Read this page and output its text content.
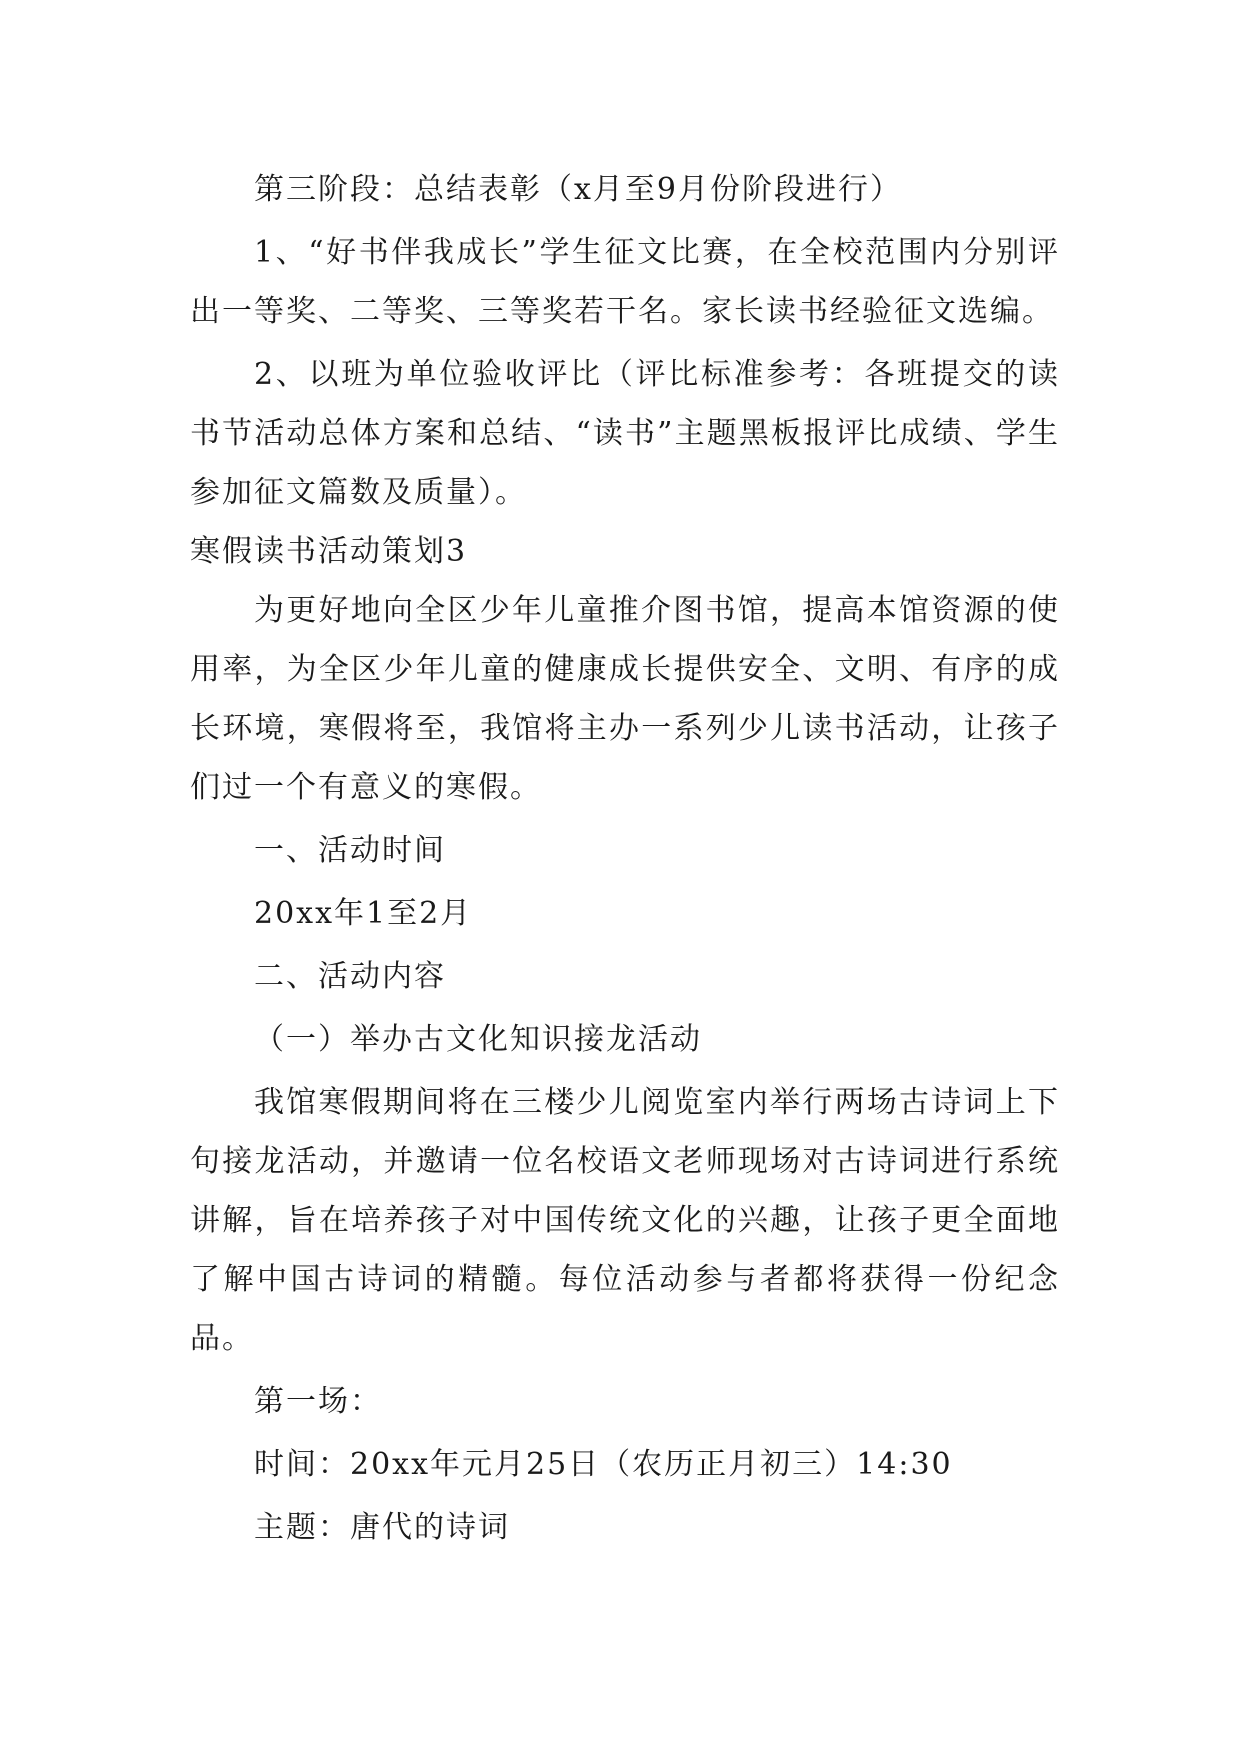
第三阶段：总结表彰（x月至9月份阶段进行）

1、“好书伴我成长”学生征文比赛，在全校范围内分别评出一等奖、二等奖、三等奖若干名。家长读书经验征文选编。

2、以班为单位验收评比（评比标准参考：各班提交的读书节活动总体方案和总结、“读书”主题黑板报评比成绩、学生参加征文篇数及质量）。

寒假读书活动策划3

为更好地向全区少年儿童推介图书馆，提高本馆资源的使用率，为全区少年儿童的健康成长提供安全、文明、有序的成长环境，寒假将至，我馆将主办一系列少儿读书活动，让孩子们过一个有意义的寒假。

一、活动时间

20xx年1至2月

二、活动内容

（一）举办古文化知识接龙活动

我馆寒假期间将在三楼少儿阅览室内举行两场古诗词上下句接龙活动，并邀请一位名校语文老师现场对古诗词进行系统讲解，旨在培养孩子对中国传统文化的兴趣，让孩子更全面地了解中国古诗词的精髓。每位活动参与者都将获得一份纪念品。

第一场：

时间：20xx年元月25日（农历正月初三）14:30

主题：唐代的诗词
